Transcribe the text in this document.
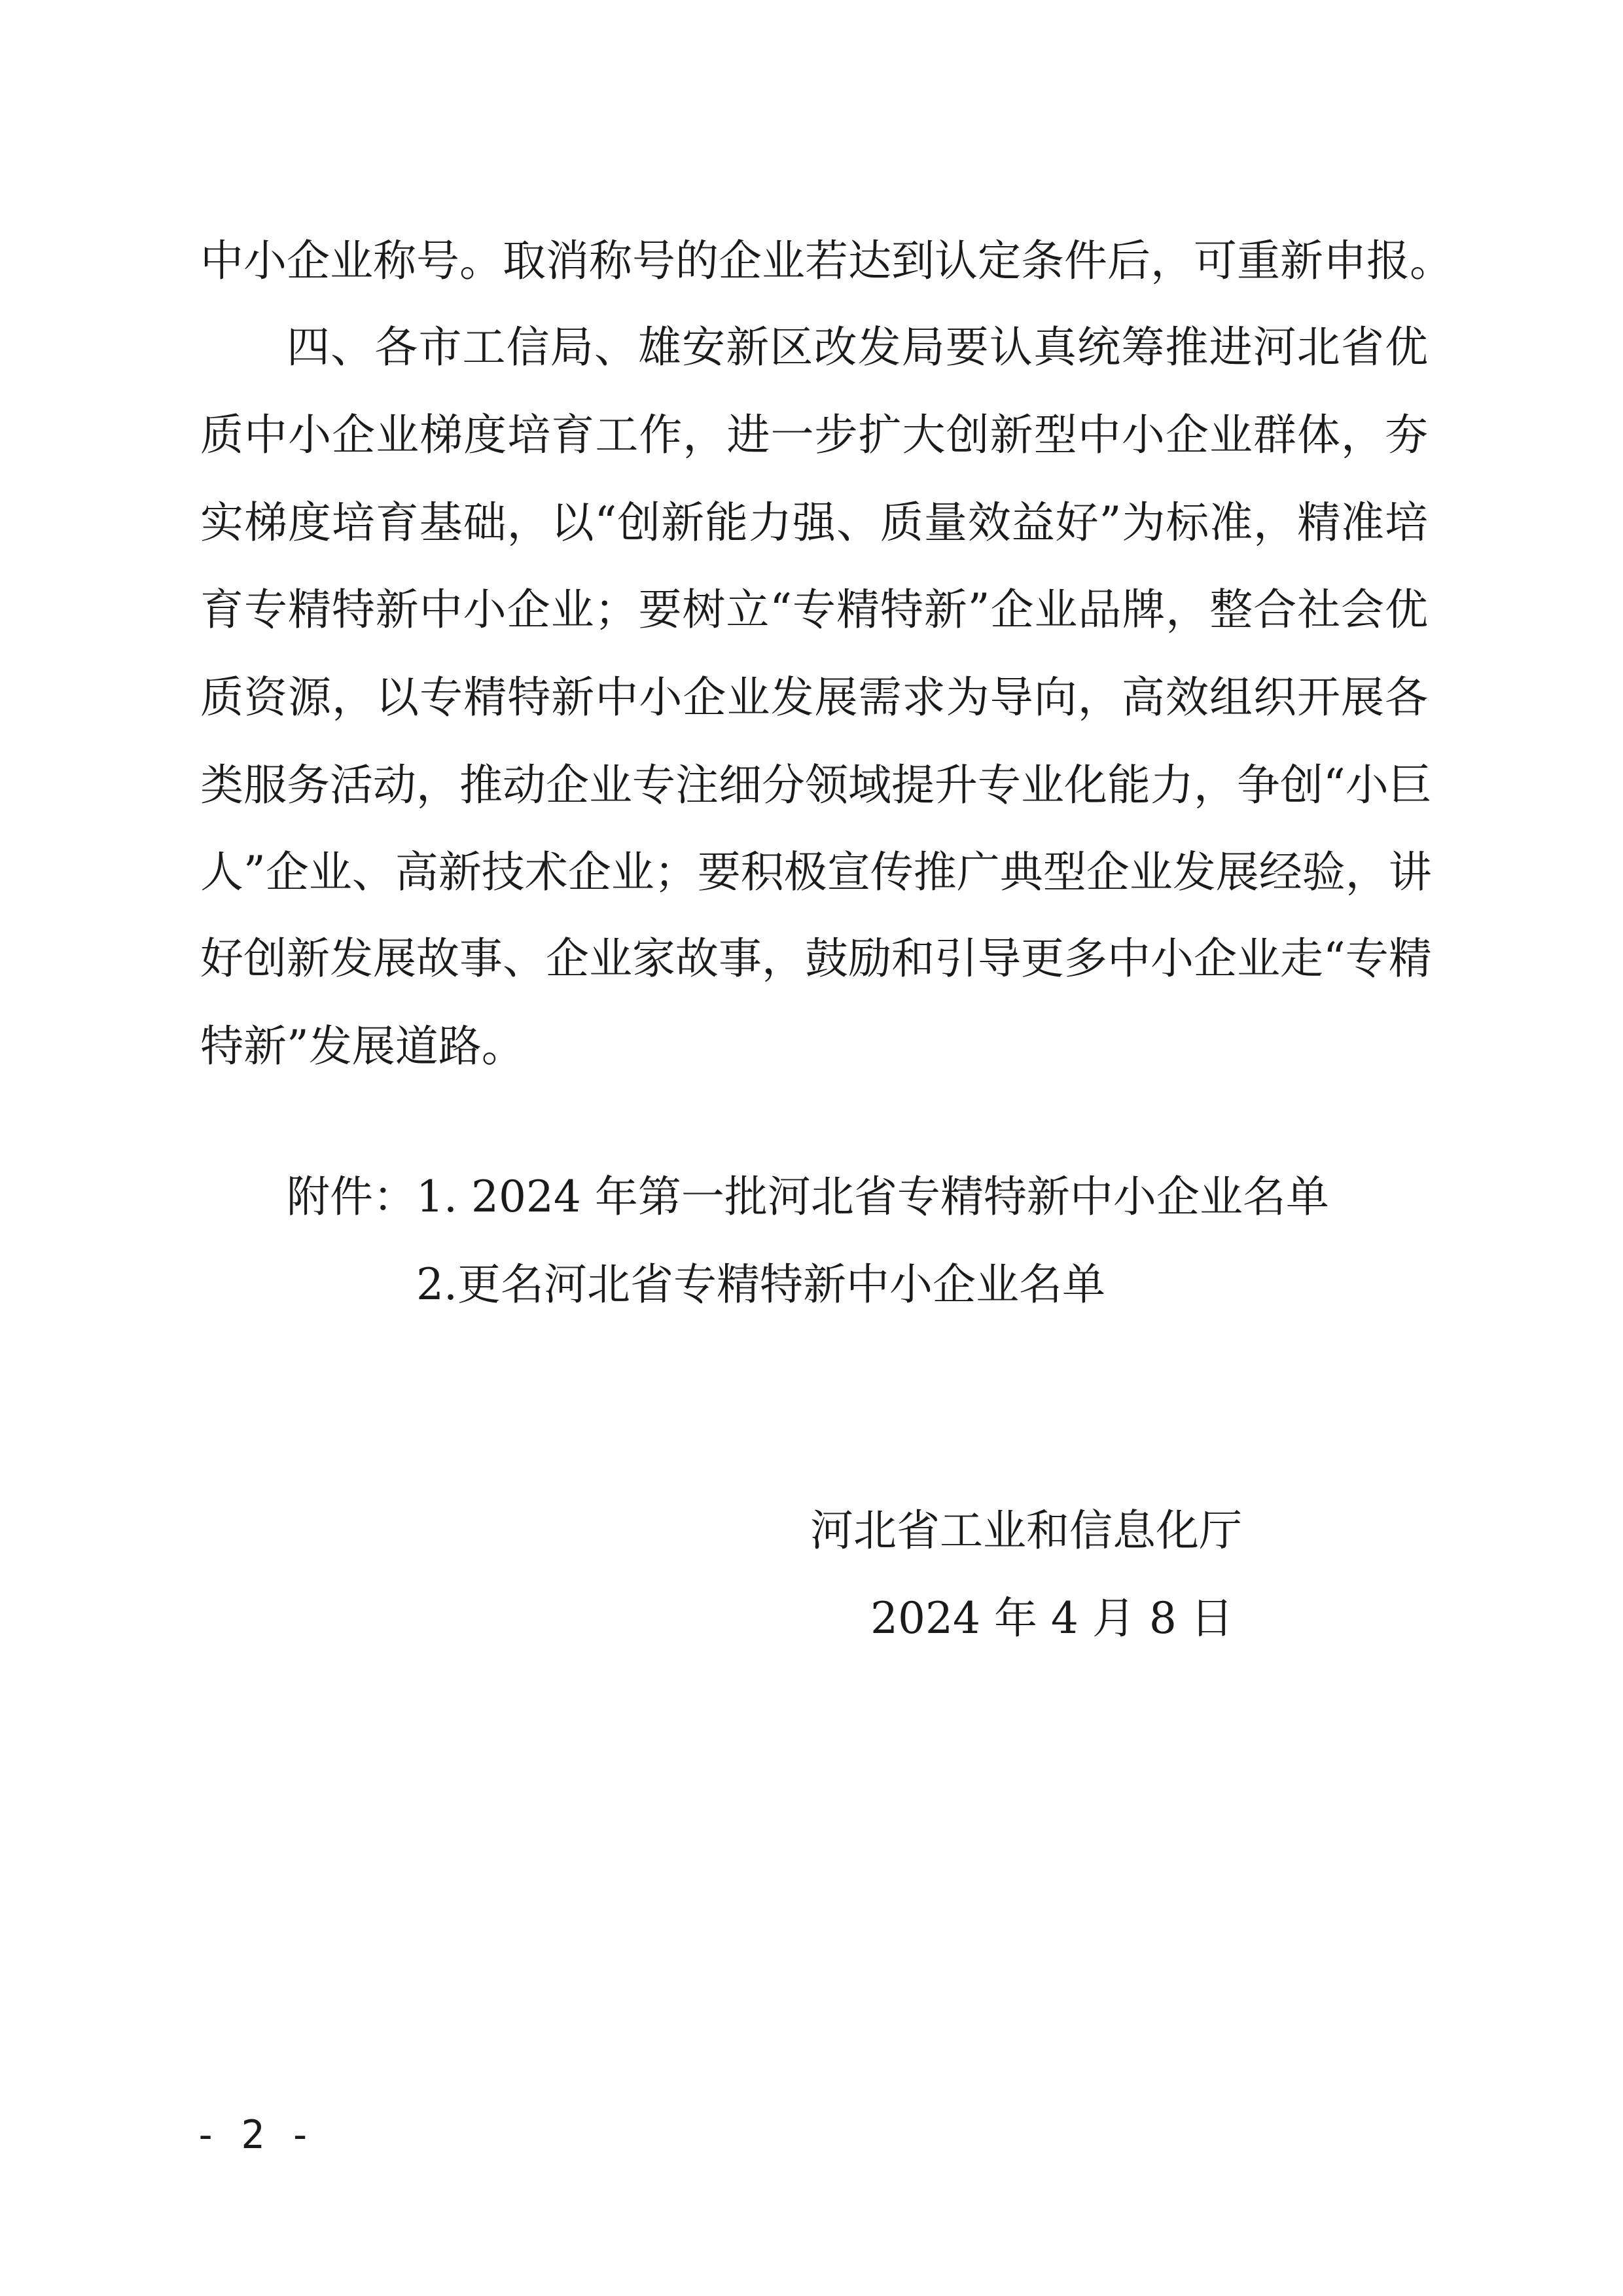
中小企业称号。取消称号的企业若达到认定条件后，可重新申报。
四、各市工信局、雄安新区改发局要认真统筹推进河北省优
质中小企业梯度培育工作，进一步扩大创新型中小企业群体，夯
实梯度培育基础，以“创新能力强、质量效益好”为标准，精准培
育专精特新中小企业；要树立“专精特新”企业品牌，整合社会优
质资源，以专精特新中小企业发展需求为导向，高效组织开展各
类服务活动，推动企业专注细分领域提升专业化能力，争创“小巨
人”企业、高新技术企业；要积极宣传推广典型企业发展经验，讲
好创新发展故事、企业家故事，鼓励和引导更多中小企业走“专精
特新”发展道路。
附件：1. 2024 年第一批河北省专精特新中小企业名单
2.更名河北省专精特新中小企业名单
河北省工业和信息化厅
2024 年 4 月 8 日
- 2 -
